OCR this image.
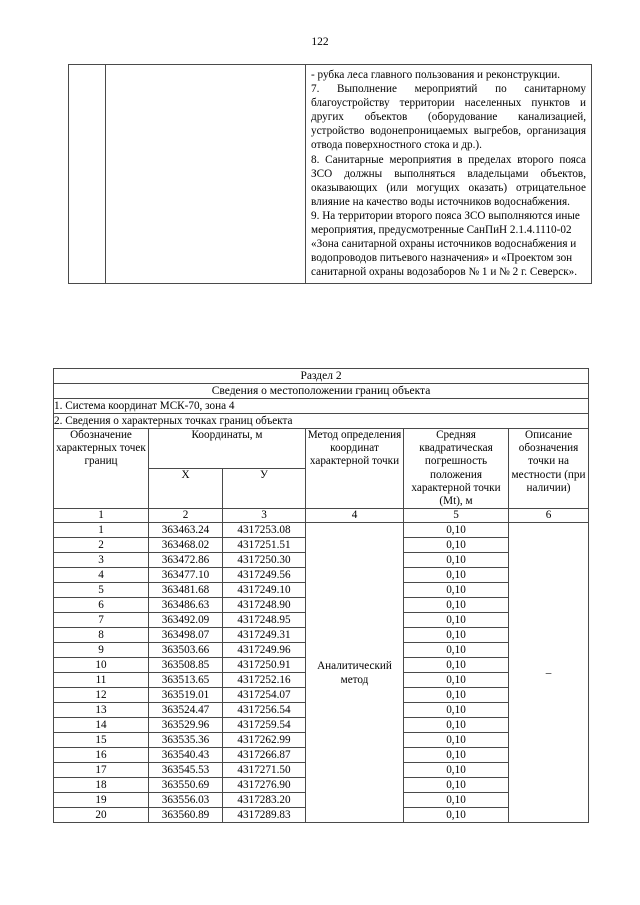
122

- рубка леса главного пользования и реконструкции.

7. Выполнение мероприятий по санитарному благоустройству территории населенных пунктов и других объектов (оборудование канализацией, устройство водонепроницаемых выгребов, организация отвода поверхностного стока и др.).

8. Санитарные мероприятия в пределах второго пояса ЗСО должны выполняться владельцами объектов, оказывающих (или могущих оказать) отрицательное влияние на качество воды источников водоснабжения.

9. На территории второго пояса ЗСО выполняются иные мероприятия, предусмотренные СанПиН 2.1.4.1110-02 «Зона санитарной охраны источников водоснабжения и водопроводов питьевого назначения» и «Проектом зон санитарной охраны водозаборов № 1 и № 2 г. Северск».

Раздел 2					
Сведения о местоположении границ объекта					
1. Система координат МСК-70, зона 4					
2. Сведения о характерных точках границ объекта					
Обозначение характерных точек границ	Координаты, м		Метод определения координат характерной точки	Средняя квадратическая погрешность положения характерной точки (Mt), м	Описание обозначения точки на местности (при наличии)
	X	У			
1	2	3	4	5	6
1	363463.24	4317253.08	Аналитический метод	0,10	–
2	363468.02	4317251.51		0,10	
3	363472.86	4317250.30		0,10	
4	363477.10	4317249.56		0,10	
5	363481.68	4317249.10		0,10	
6	363486.63	4317248.90		0,10	
7	363492.09	4317248.95		0,10	
8	363498.07	4317249.31		0,10	
9	363503.66	4317249.96		0,10	
10	363508.85	4317250.91		0,10	
11	363513.65	4317252.16		0,10	
12	363519.01	4317254.07		0,10	
13	363524.47	4317256.54		0,10	
14	363529.96	4317259.54		0,10	
15	363535.36	4317262.99		0,10	
16	363540.43	4317266.87		0,10	
17	363545.53	4317271.50		0,10	
18	363550.69	4317276.90		0,10	
19	363556.03	4317283.20		0,10	
20	363560.89	4317289.83		0,10	
